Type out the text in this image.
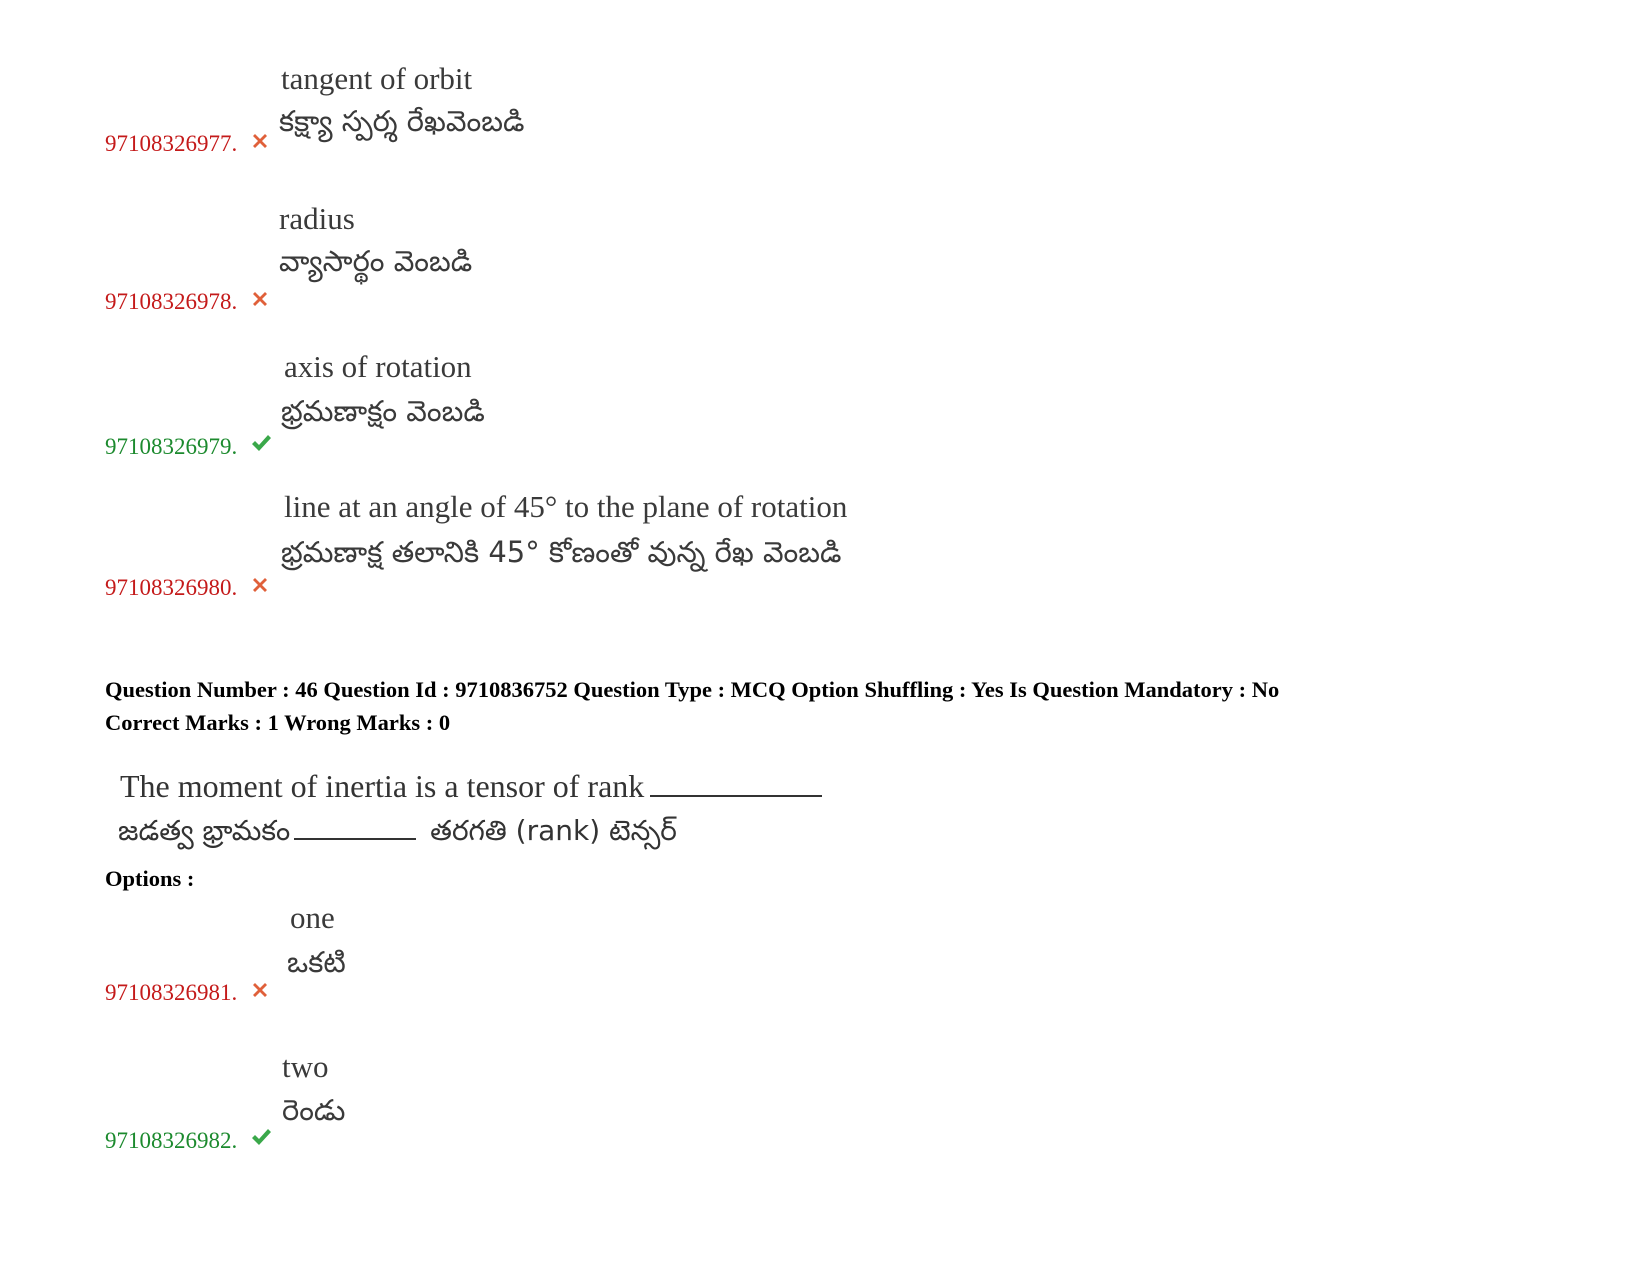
tangent of orbit
కక్ష్యా స్పర్శ రేఖవెంబడి
97108326977.
radius
వ్యాసార్థం వెంబడి
97108326978.
axis of rotation
భ్రమణాక్షం వెంబడి
97108326979.
line at an angle of 45° to the plane of rotation
భ్రమణాక్ష తలానికి 45° కోణంతో వున్న రేఖ వెంబడి
97108326980.
Question Number : 46 Question Id : 9710836752 Question Type : MCQ Option Shuffling : Yes Is Question Mandatory : No
Correct Marks : 1 Wrong Marks : 0
The moment of inertia is a tensor of rank
జడత్వ భ్రామకం	తరగతి (rank) టెన్సర్
Options :
one
ఒకటి
97108326981.
two
రెండు
97108326982.
